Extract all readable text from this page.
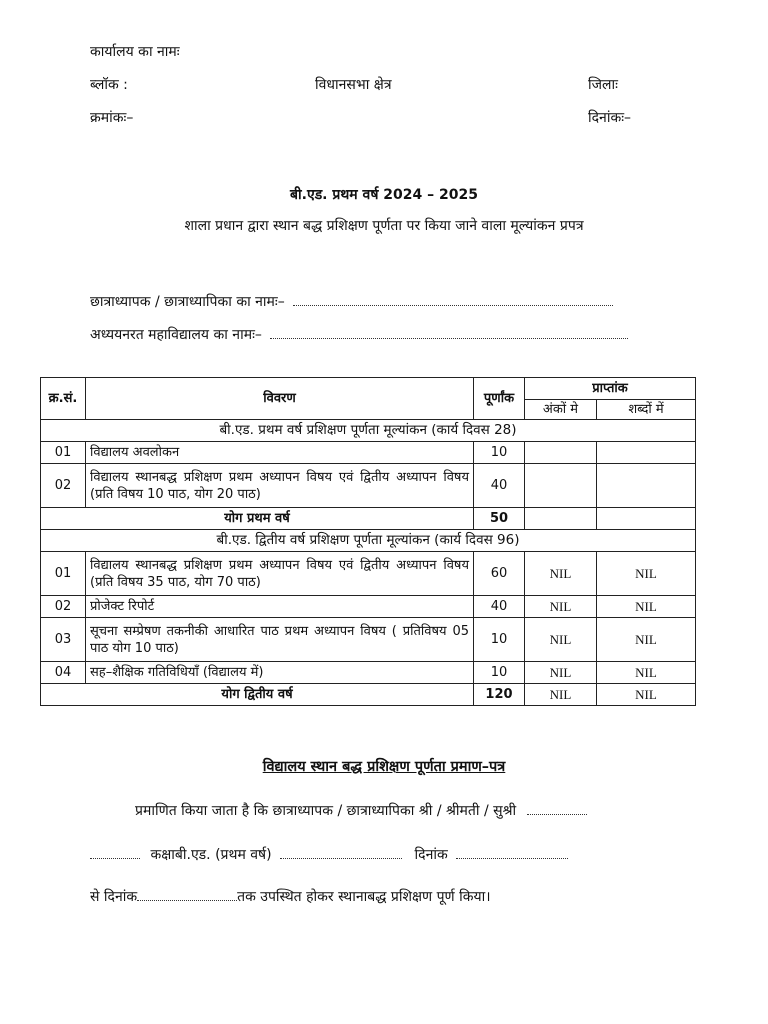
कार्यालय का नामः
ब्लॉक :	विधानसभा क्षेत्र	जिलाः
क्रमांकः–	दिनांकः–
बी.एड. प्रथम वर्ष 2024 – 2025
शाला प्रधान द्वारा स्थान बद्ध प्रशिक्षण पूर्णता पर किया जाने वाला मूल्यांकन प्रपत्र
छात्राध्यापक / छात्राध्यापिका का नामः–
अध्ययनरत महाविद्यालय का नामः–
क्र.सं.	विवरण	पूर्णांक	प्राप्तांक	
			अंकों मे	शब्दों में
बी.एड. प्रथम वर्ष प्रशिक्षण पूर्णता मूल्यांकन (कार्य दिवस 28)				
01	विद्यालय अवलोकन	10		
02	विद्यालय स्थानबद्ध प्रशिक्षण प्रथम अध्यापन विषय एवं द्वितीय अध्यापन विषय (प्रति विषय 10 पाठ, योग 20 पाठ)	40		
योग प्रथम वर्ष		50		
बी.एड. द्वितीय वर्ष प्रशिक्षण पूर्णता मूल्यांकन (कार्य दिवस 96)				
01	विद्यालय स्थानबद्ध प्रशिक्षण प्रथम अध्यापन विषय एवं द्वितीय अध्यापन विषय (प्रति विषय 35 पाठ, योग 70 पाठ)	60	NIL	NIL
02	प्रोजेक्ट रिपोर्ट	40	NIL	NIL
03	सूचना सम्प्रेषण तकनीकी आधारित पाठ प्रथम अध्यापन विषय ( प्रतिविषय 05 पाठ योग 10 पाठ)	10	NIL	NIL
04	सह–शैक्षिक गतिविधियाँ (विद्यालय में)	10	NIL	NIL
योग द्वितीय वर्ष		120	NIL	NIL
विद्यालय स्थान बद्ध प्रशिक्षण पूर्णता प्रमाण–पत्र
प्रमाणित किया जाता है कि छात्राध्यापक / छात्राध्यापिका श्री / श्रीमती / सुश्री
कक्षाबी.एड. (प्रथम वर्ष)	दिनांक
से दिनांक	तक उपस्थित होकर स्थानाबद्ध प्रशिक्षण पूर्ण किया।
